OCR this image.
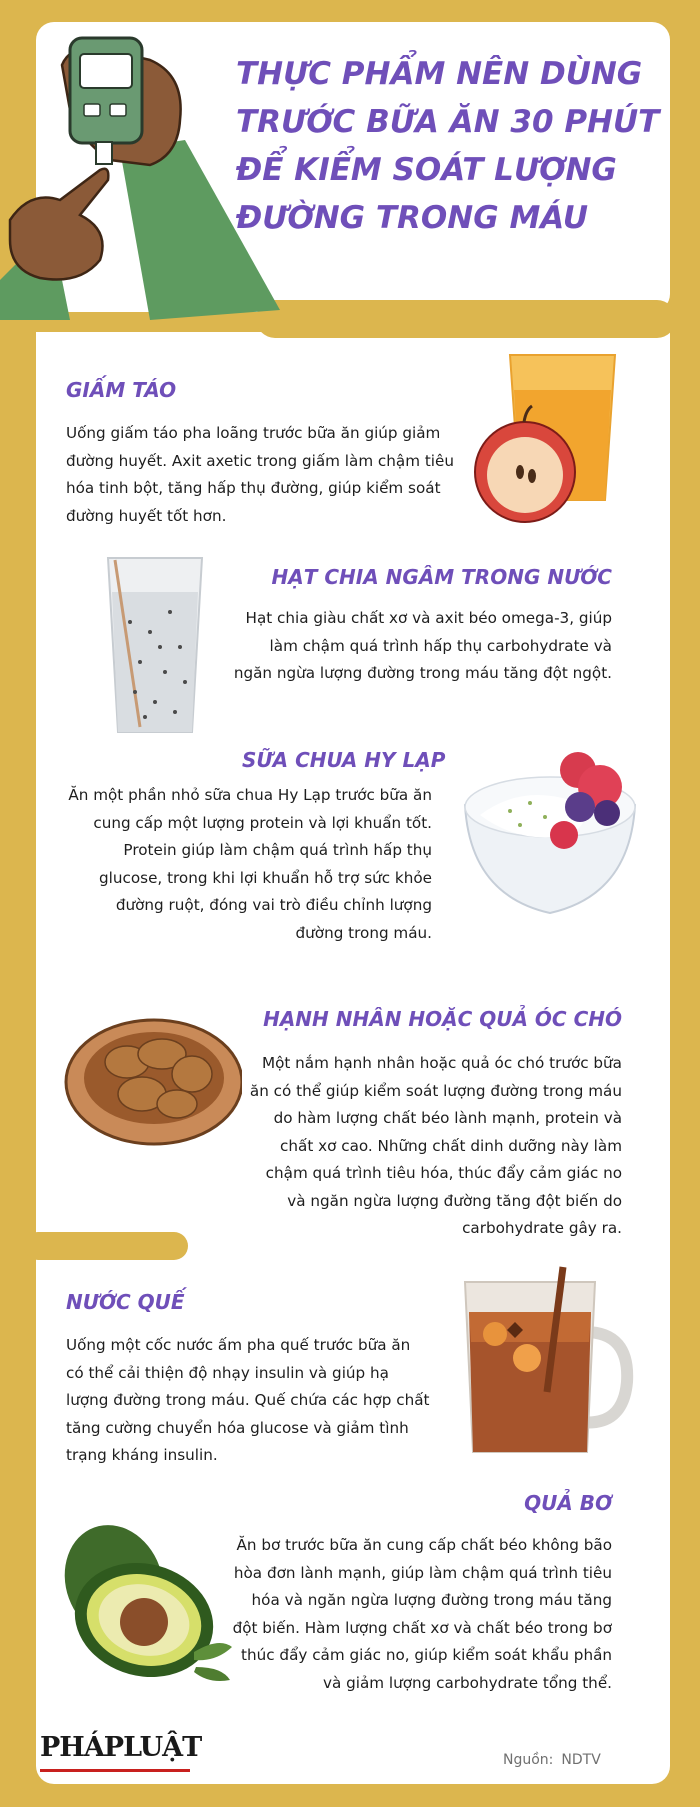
THỰC PHẨM NÊN DÙNG
TRƯỚC BỮA ĂN 30 PHÚT
ĐỂ KIỂM SOÁT LƯỢNG
ĐƯỜNG TRONG MÁU
GIẤM TÁO

Uống giấm táo pha loãng trước bữa ăn giúp giảm
đường huyết. Axit axetic trong giấm làm chậm tiêu
hóa tinh bột, tăng hấp thụ đường, giúp kiểm soát
đường huyết tốt hơn.

HẠT CHIA NGÂM TRONG NƯỚC

Hạt chia giàu chất xơ và axit béo omega-3, giúp
làm chậm quá trình hấp thụ carbohydrate và
ngăn ngừa lượng đường trong máu tăng đột ngột.

SỮA CHUA HY LẠP

Ăn một phần nhỏ sữa chua Hy Lạp trước bữa ăn
cung cấp một lượng protein và lợi khuẩn tốt.
Protein giúp làm chậm quá trình hấp thụ
glucose, trong khi lợi khuẩn hỗ trợ sức khỏe
đường ruột, đóng vai trò điều chỉnh lượng
đường trong máu.

HẠNH NHÂN HOẶC QUẢ ÓC CHÓ

Một nắm hạnh nhân hoặc quả óc chó trước bữa
ăn có thể giúp kiểm soát lượng đường trong máu
do hàm lượng chất béo lành mạnh, protein và
chất xơ cao. Những chất dinh dưỡng này làm
chậm quá trình tiêu hóa, thúc đẩy cảm giác no
và ngăn ngừa lượng đường tăng đột biến do
carbohydrate gây ra.

NƯỚC QUẾ

Uống một cốc nước ấm pha quế trước bữa ăn
có thể cải thiện độ nhạy insulin và giúp hạ
lượng đường trong máu. Quế chứa các hợp chất
tăng cường chuyển hóa glucose và giảm tình
trạng kháng insulin.

QUẢ BƠ

Ăn bơ trước bữa ăn cung cấp chất béo không bão
hòa đơn lành mạnh, giúp làm chậm quá trình tiêu
hóa và ngăn ngừa lượng đường trong máu tăng
đột biến. Hàm lượng chất xơ và chất béo trong bơ
thúc đẩy cảm giác no, giúp kiểm soát khẩu phần
và giảm lượng carbohydrate tổng thể.

PHÁPLUẬT	Nguồn: NDTV
